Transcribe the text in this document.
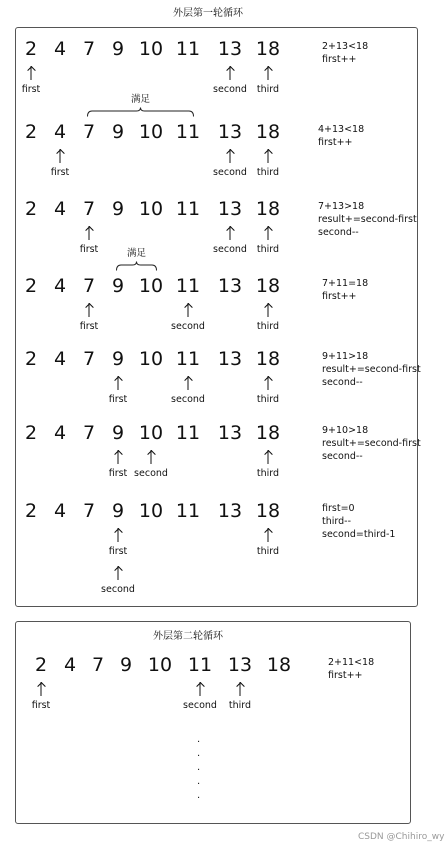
外层第一轮循环
外层第二轮循环
2 4 7 9 10 11 13 18
first	second third
2+13<18
first++
2 4 7 9 10 11 13 18
first	second third
满足
4+13<18
first++
2 4 7 9 10 11 13 18
first	second third
7+13>18
result+=second-first
second--
2 4 7 9 10 11 13 18
first	second	third
满足
7+11=18
first++
2 4 7 9 10 11 13 18
first	second	third
9+11>18
result+=second-first
second--
2 4 7 9 10 11 13 18
first second	third
9+10>18
result+=second-first
second--
2 4 7 9 10 11 13 18
first
second
third
first=0
third--
second=third-1
2 4 7 9 10 11 13 18
first	second third
2+11<18
first++
·
·
·
·
·
CSDN @Chihiro_wy
